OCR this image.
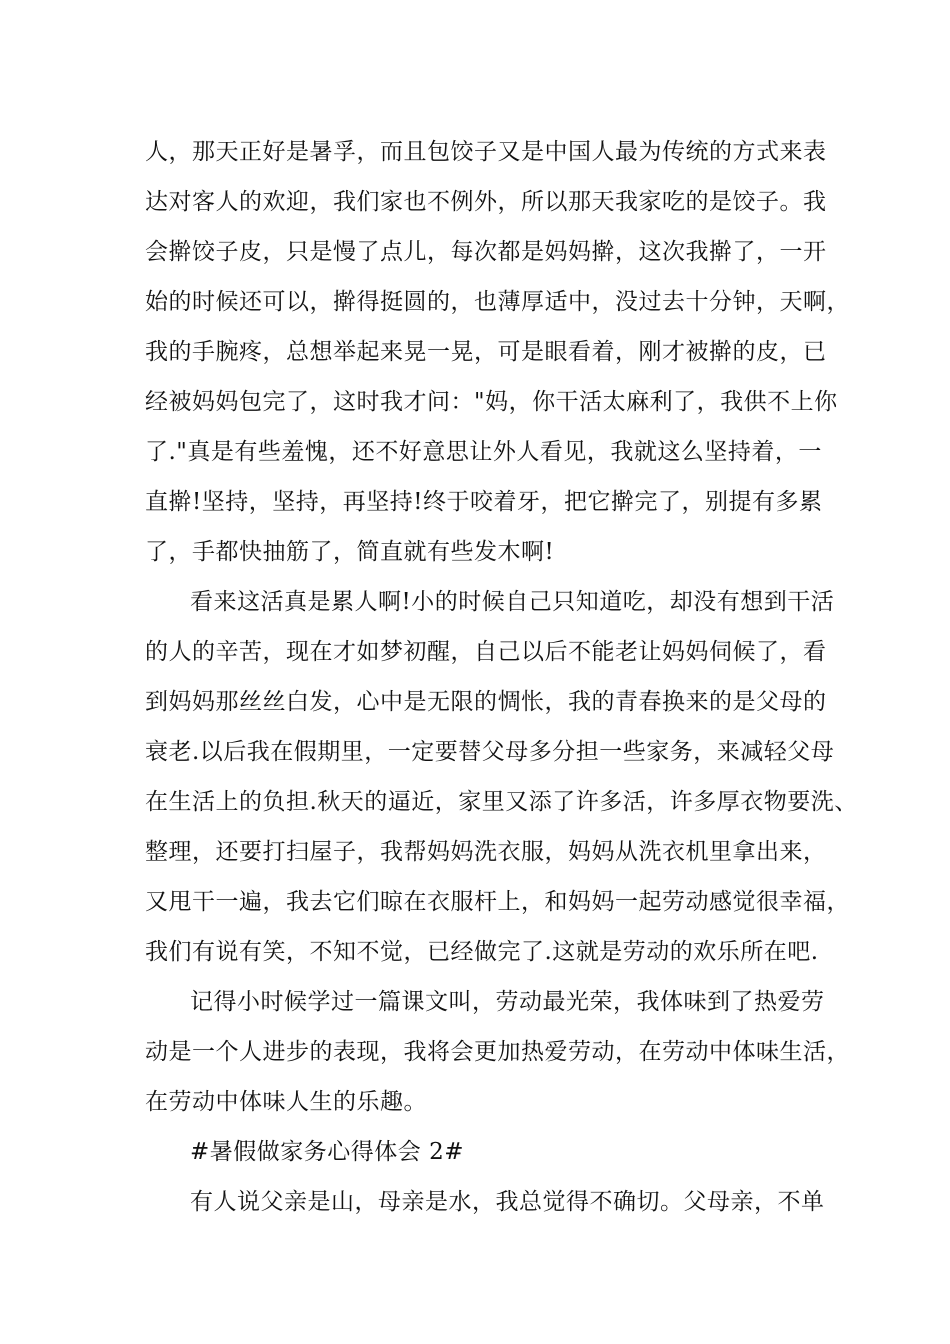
人，那天正好是暑孚，而且包饺子又是中国人最为传统的方式来表
达对客人的欢迎，我们家也不例外，所以那天我家吃的是饺子。我
会擀饺子皮，只是慢了点儿，每次都是妈妈擀，这次我擀了，一开
始的时候还可以，擀得挺圆的，也薄厚适中，没过去十分钟，天啊，
我的手腕疼，总想举起来晃一晃，可是眼看着，刚才被擀的皮，已
经被妈妈包完了，这时我才问："妈，你干活太麻利了，我供不上你
了."真是有些羞愧，还不好意思让外人看见，我就这么坚持着，一
直擀!坚持，坚持，再坚持!终于咬着牙，把它擀完了，别提有多累
了，手都快抽筋了，简直就有些发木啊!
看来这活真是累人啊!小的时候自己只知道吃，却没有想到干活
的人的辛苦，现在才如梦初醒，自己以后不能老让妈妈伺候了，看
到妈妈那丝丝白发，心中是无限的惆怅，我的青春换来的是父母的
衰老.以后我在假期里，一定要替父母多分担一些家务，来减轻父母
在生活上的负担.秋天的逼近，家里又添了许多活，许多厚衣物要洗、
整理，还要打扫屋子，我帮妈妈洗衣服，妈妈从洗衣机里拿出来，
又甩干一遍，我去它们晾在衣服杆上，和妈妈一起劳动感觉很幸福，
我们有说有笑，不知不觉，已经做完了.这就是劳动的欢乐所在吧.
记得小时候学过一篇课文叫，劳动最光荣，我体味到了热爱劳
动是一个人进步的表现，我将会更加热爱劳动，在劳动中体味生活，
在劳动中体味人生的乐趣。
#暑假做家务心得体会 2#
有人说父亲是山，母亲是水，我总觉得不确切。父母亲，不单
